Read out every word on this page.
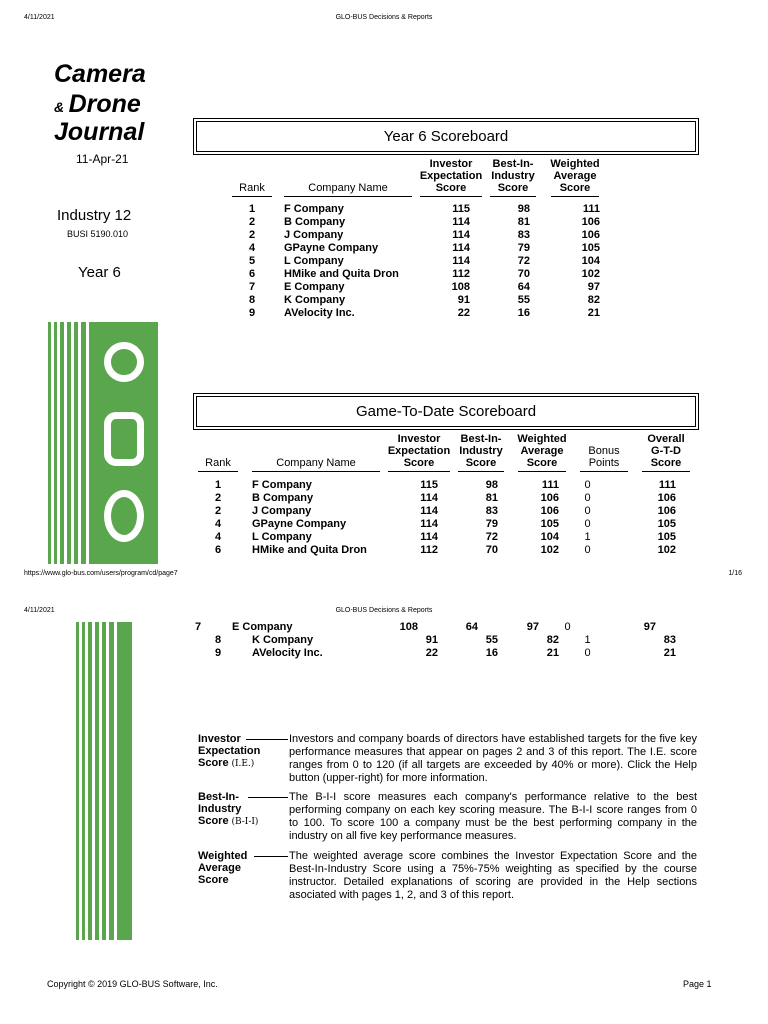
4/11/2021	GLO-BUS Decisions & Reports
Camera
& Drone
Journal
11-Apr-21
Industry 12
BUSI 5190.010
Year 6
Year 6 Scoreboard
Investor
Expectation
Score
Best-In-
Industry
Score
Weighted
Average
Score
Rank	Company Name
1	F Company	115	98	111
2	B Company	114	81	106
2	J Company	114	83	106
4	GPayne Company	114	79	105
5	L Company	114	72	104
6	HMike and Quita Dron	112	70	102
7	E Company	108	64	97
8	K Company	91	55	82
9	AVelocity Inc.	22	16	21
Game-To-Date Scoreboard
Investor
Expectation
Score
Best-In-
Industry
Score
Weighted
Average
Score
Bonus
Points
Overall
G-T-D
Score
Rank	Company Name
1	F Company	115	98	111	0	111
2	B Company	114	81	106	0	106
2	J Company	114	83	106	0	106
4	GPayne Company	114	79	105	0	105
4	L Company	114	72	104	1	105
6	HMike and Quita Dron	112	70	102	0	102
https://www.glo-bus.com/users/program/cd/page7	1/16
4/11/2021	GLO-BUS Decisions & Reports
7	E Company	108	64	97	0	97
8	K Company	91	55	82	1	83
9	AVelocity Inc.	22	16	21	0	21
Investor
Expectation
Score (I.E.)
Investors and company boards of directors have established targets for the five key performance measures that appear on pages 2 and 3 of this report. The I.E. score ranges from 0 to 120 (if all targets are exceeded by 40% or more). Click the Help button (upper-right) for more information.
Best-In-
Industry
Score (B-I-I)
The B-I-I score measures each company's performance relative to the best performing company on each key scoring measure. The B-I-I score ranges from 0 to 100. To score 100 a company must be the best performing company in the industry on all five key performance measures.
Weighted
Average
Score
The weighted average score combines the Investor Expectation Score and the Best-In-Industry Score using a 75%-75% weighting as specified by the course instructor. Detailed explanations of scoring are provided in the Help sections asociated with pages 1, 2, and 3 of this report.
Copyright © 2019 GLO-BUS Software, Inc.	Page 1
